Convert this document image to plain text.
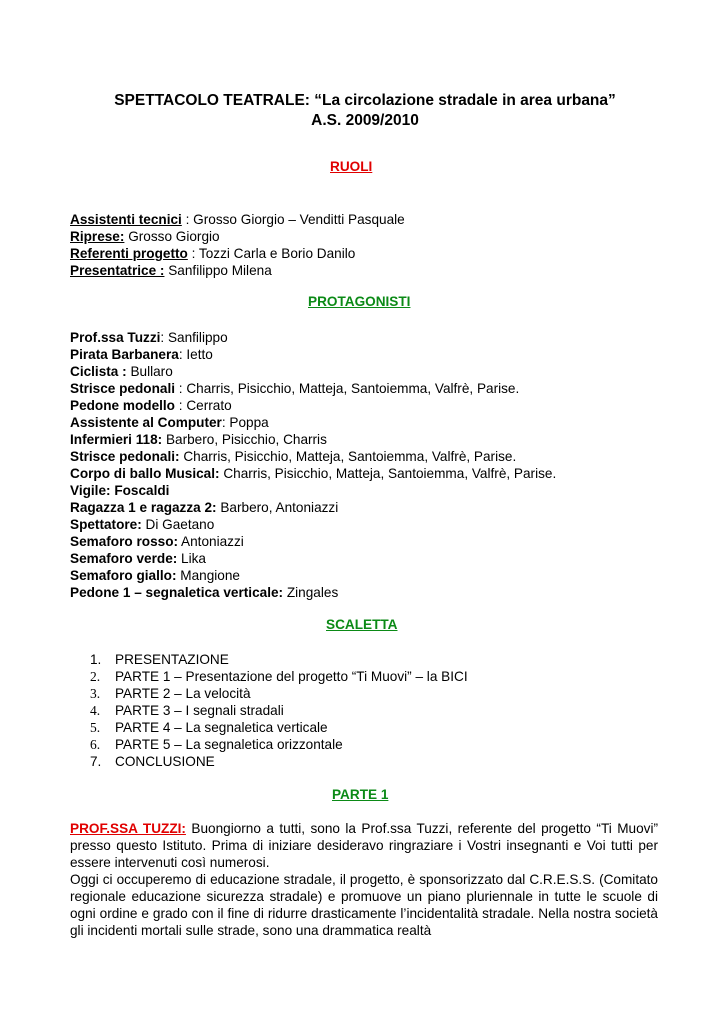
SPETTACOLO TEATRALE: “La circolazione stradale in area urbana”
A.S. 2009/2010
RUOLI
Assistenti tecnici : Grosso Giorgio – Venditti Pasquale
Riprese: Grosso Giorgio
Referenti progetto : Tozzi Carla e Borio Danilo
Presentatrice : Sanfilippo Milena
PROTAGONISTI
Prof.ssa Tuzzi: Sanfilippo
Pirata Barbanera: Ietto
Ciclista : Bullaro
Strisce pedonali : Charris, Pisicchio, Matteja, Santoiemma, Valfrè, Parise.
Pedone modello : Cerrato
Assistente al Computer: Poppa
Infermieri 118: Barbero, Pisicchio, Charris
Strisce pedonali: Charris, Pisicchio, Matteja, Santoiemma, Valfrè, Parise.
Corpo di ballo Musical: Charris, Pisicchio, Matteja, Santoiemma, Valfrè, Parise.
Vigile: Foscaldi
Ragazza 1 e ragazza 2: Barbero, Antoniazzi
Spettatore: Di Gaetano
Semaforo rosso: Antoniazzi
Semaforo verde: Lika
Semaforo giallo: Mangione
Pedone 1 – segnaletica verticale: Zingales
SCALETTA
1.	PRESENTAZIONE
2.	PARTE 1 – Presentazione del progetto “Ti Muovi” – la BICI
3.	PARTE 2 – La velocità
4.	PARTE 3 – I segnali stradali
5.	PARTE 4 – La segnaletica verticale
6.	PARTE 5 – La segnaletica orizzontale
7.	CONCLUSIONE
PARTE 1

PROF.SSA TUZZI: Buongiorno a tutti, sono la Prof.ssa Tuzzi, referente del progetto “Ti Muovi” presso questo Istituto. Prima di iniziare desideravo ringraziare i Vostri insegnanti e Voi tutti per essere intervenuti così numerosi.

Oggi ci occuperemo di educazione stradale, il progetto, è sponsorizzato dal C.R.E.S.S. (Comitato regionale educazione sicurezza stradale) e promuove un piano pluriennale in tutte le scuole di ogni ordine e grado con il fine di ridurre drasticamente l’incidentalità stradale. Nella nostra società gli incidenti mortali sulle strade, sono una drammatica realtà
